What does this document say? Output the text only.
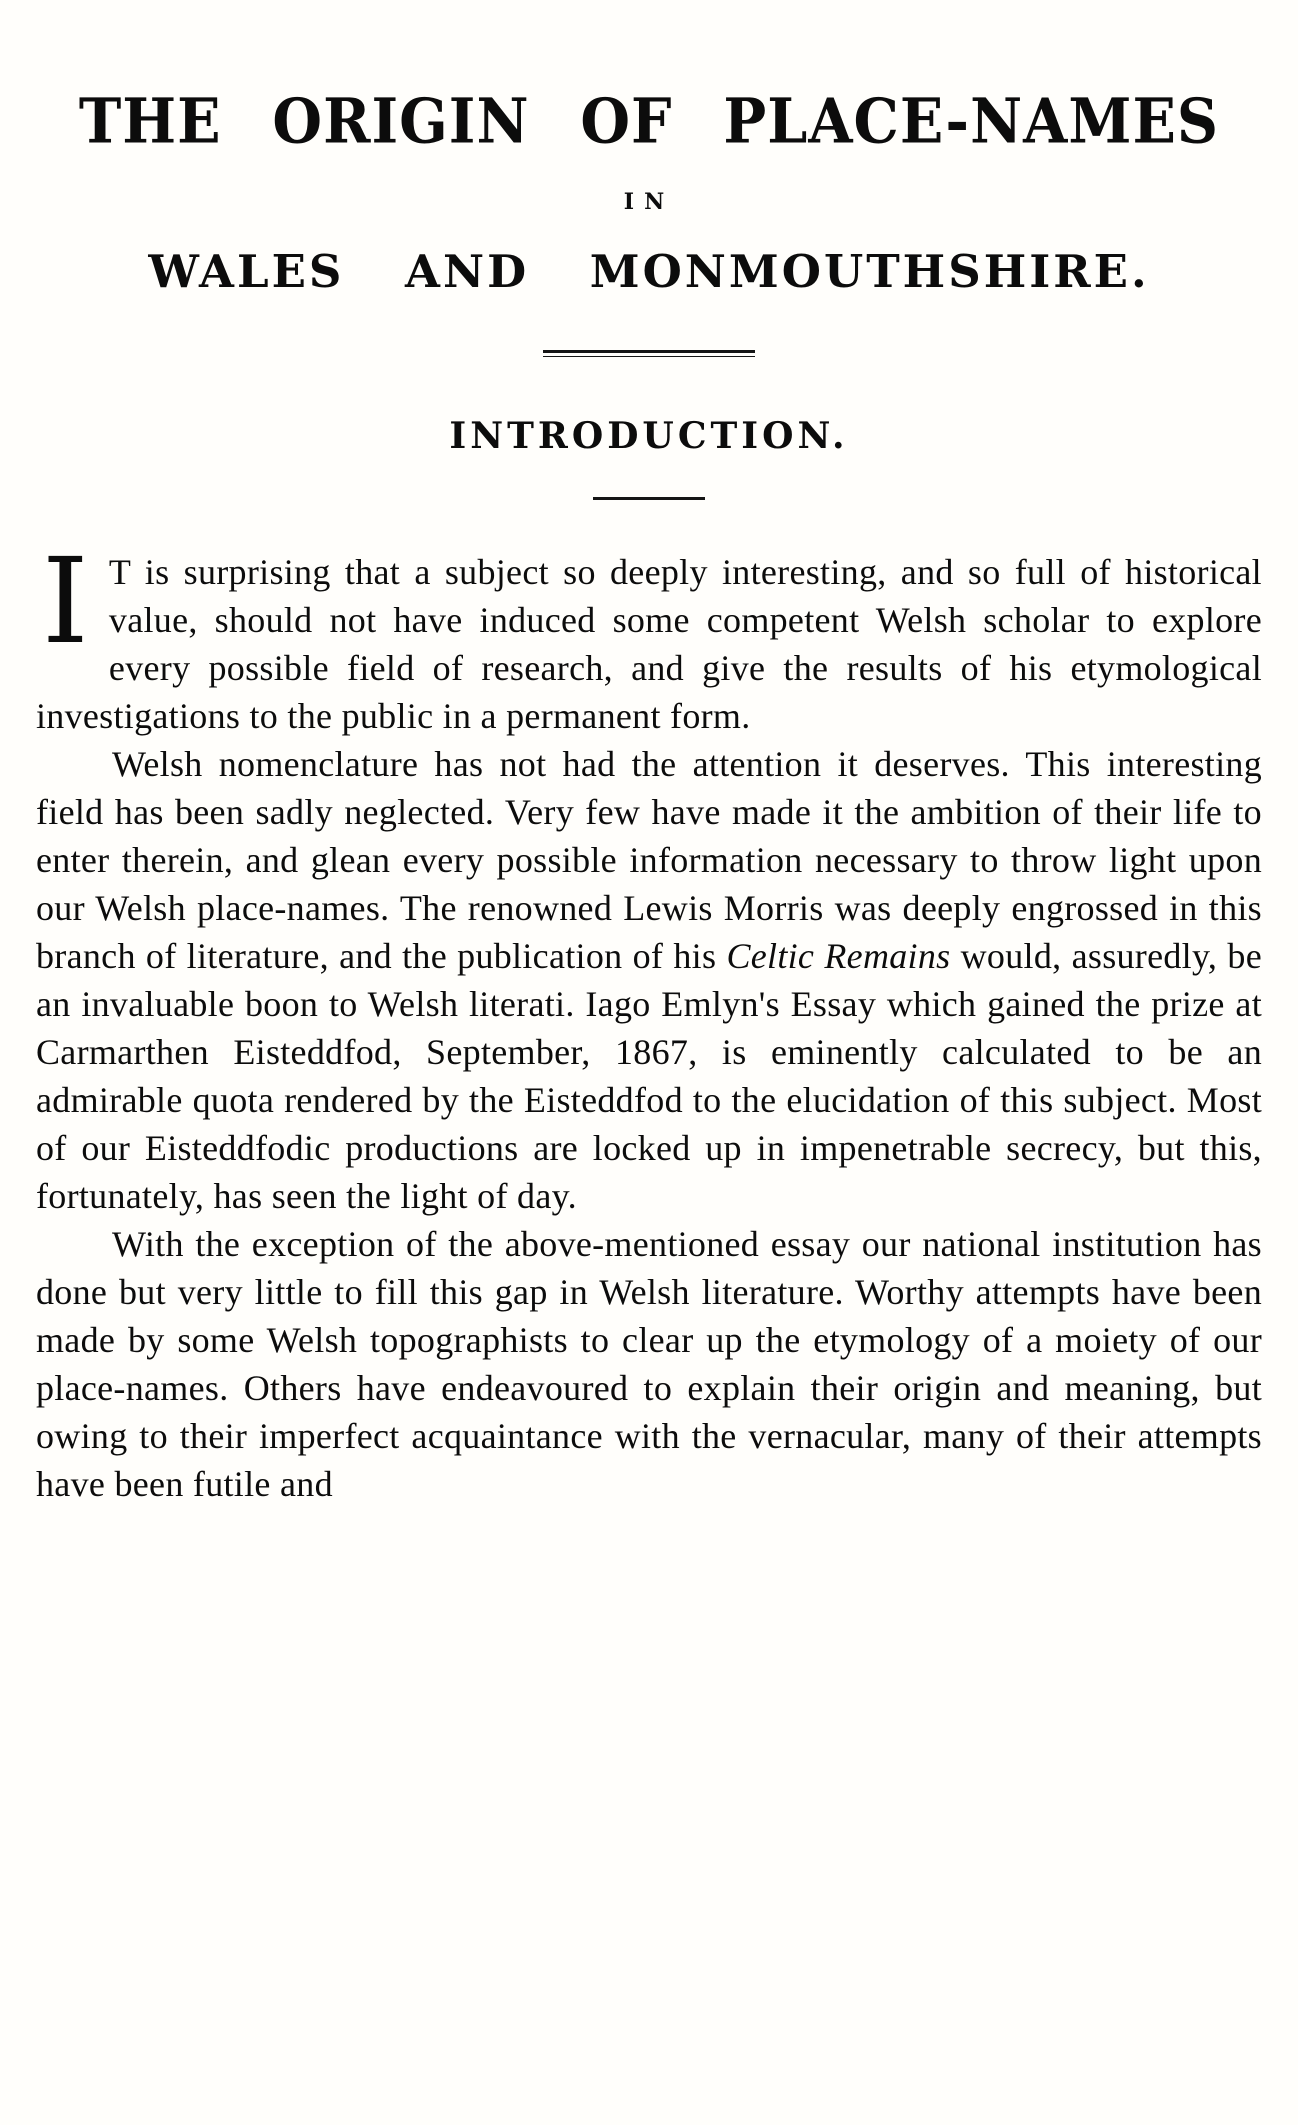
THE ORIGIN OF PLACE-NAMES
IN
WALES AND MONMOUTHSHIRE.
INTRODUCTION.

I T is surprising that a subject so deeply interesting, and so full of historical value, should not have induced some competent Welsh scholar to explore every possible field of research, and give the results of his etymological investigations to the public in a permanent form.

Welsh nomenclature has not had the attention it deserves. This interesting field has been sadly neglected. Very few have made it the ambition of their life to enter therein, and glean every possible information necessary to throw light upon our Welsh place-names. The renowned Lewis Morris was deeply engrossed in this branch of literature, and the publication of his Celtic Remains would, assuredly, be an invaluable boon to Welsh literati. Iago Emlyn's Essay which gained the prize at Carmarthen Eisteddfod, September, 1867, is eminently calculated to be an admirable quota rendered by the Eisteddfod to the elucidation of this subject. Most of our Eisteddfodic productions are locked up in impenetrable secrecy, but this, fortunately, has seen the light of day.

With the exception of the above-mentioned essay our national institution has done but very little to fill this gap in Welsh literature. Worthy attempts have been made by some Welsh topographists to clear up the etymology of a moiety of our place-names. Others have endeavoured to explain their origin and meaning, but owing to their imperfect acquaintance with the vernacular, many of their attempts have been futile and
